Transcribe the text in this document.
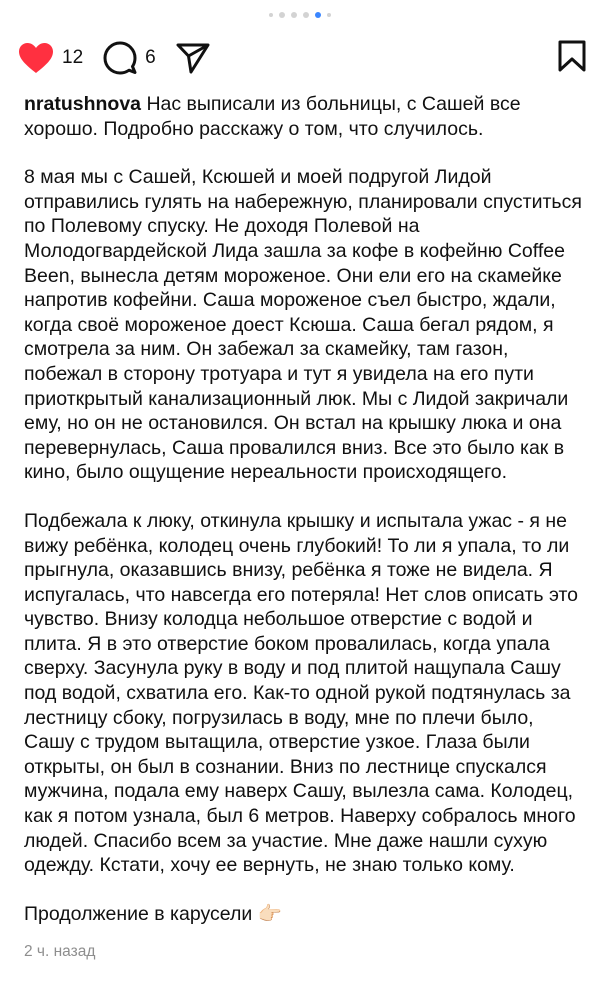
12	6

nratushnova Нас выписали из больницы, с Сашей все хорошо. Подробно расскажу о том, что случилось.

8 мая мы с Сашей, Ксюшей и моей подругой Лидой отправились гулять на набережную, планировали спуститься по Полевому спуску. Не доходя Полевой на Молодогвардейской Лида зашла за кофе в кофейню Coffee Been, вынесла детям мороженое. Они ели его на скамейке напротив кофейни. Саша мороженое съел быстро, ждали, когда своё мороженое доест Ксюша. Саша бегал рядом, я смотрела за ним. Он забежал за скамейку, там газон, побежал в сторону тротуара и тут я увидела на его пути приоткрытый канализационный люк. Мы с Лидой закричали ему, но он не остановился. Он встал на крышку люка и она перевернулась, Саша провалился вниз. Все это было как в кино, было ощущение нереальности происходящего.

Подбежала к люку, откинула крышку и испытала ужас - я не вижу ребёнка, колодец очень глубокий! То ли я упала, то ли прыгнула, оказавшись внизу, ребёнка я тоже не видела. Я испугалась, что навсегда его потеряла! Нет слов описать это чувство. Внизу колодца небольшое отверстие с водой и плита. Я в это отверстие боком провалилась, когда упала сверху. Засунула руку в воду и под плитой нащупала Сашу под водой, схватила его. Как-то одной рукой подтянулась за лестницу сбоку, погрузилась в воду, мне по плечи было, Сашу с трудом вытащила, отверстие узкое. Глаза были открыты, он был в сознании. Вниз по лестнице спускался мужчина, подала ему наверх Сашу, вылезла сама. Колодец, как я потом узнала, был 6 метров. Наверху собралось много людей. Спасибо всем за участие. Мне даже нашли сухую одежду. Кстати, хочу ее вернуть, не знаю только кому.

Продолжение в карусели 👉🏻

2 ч. назад
